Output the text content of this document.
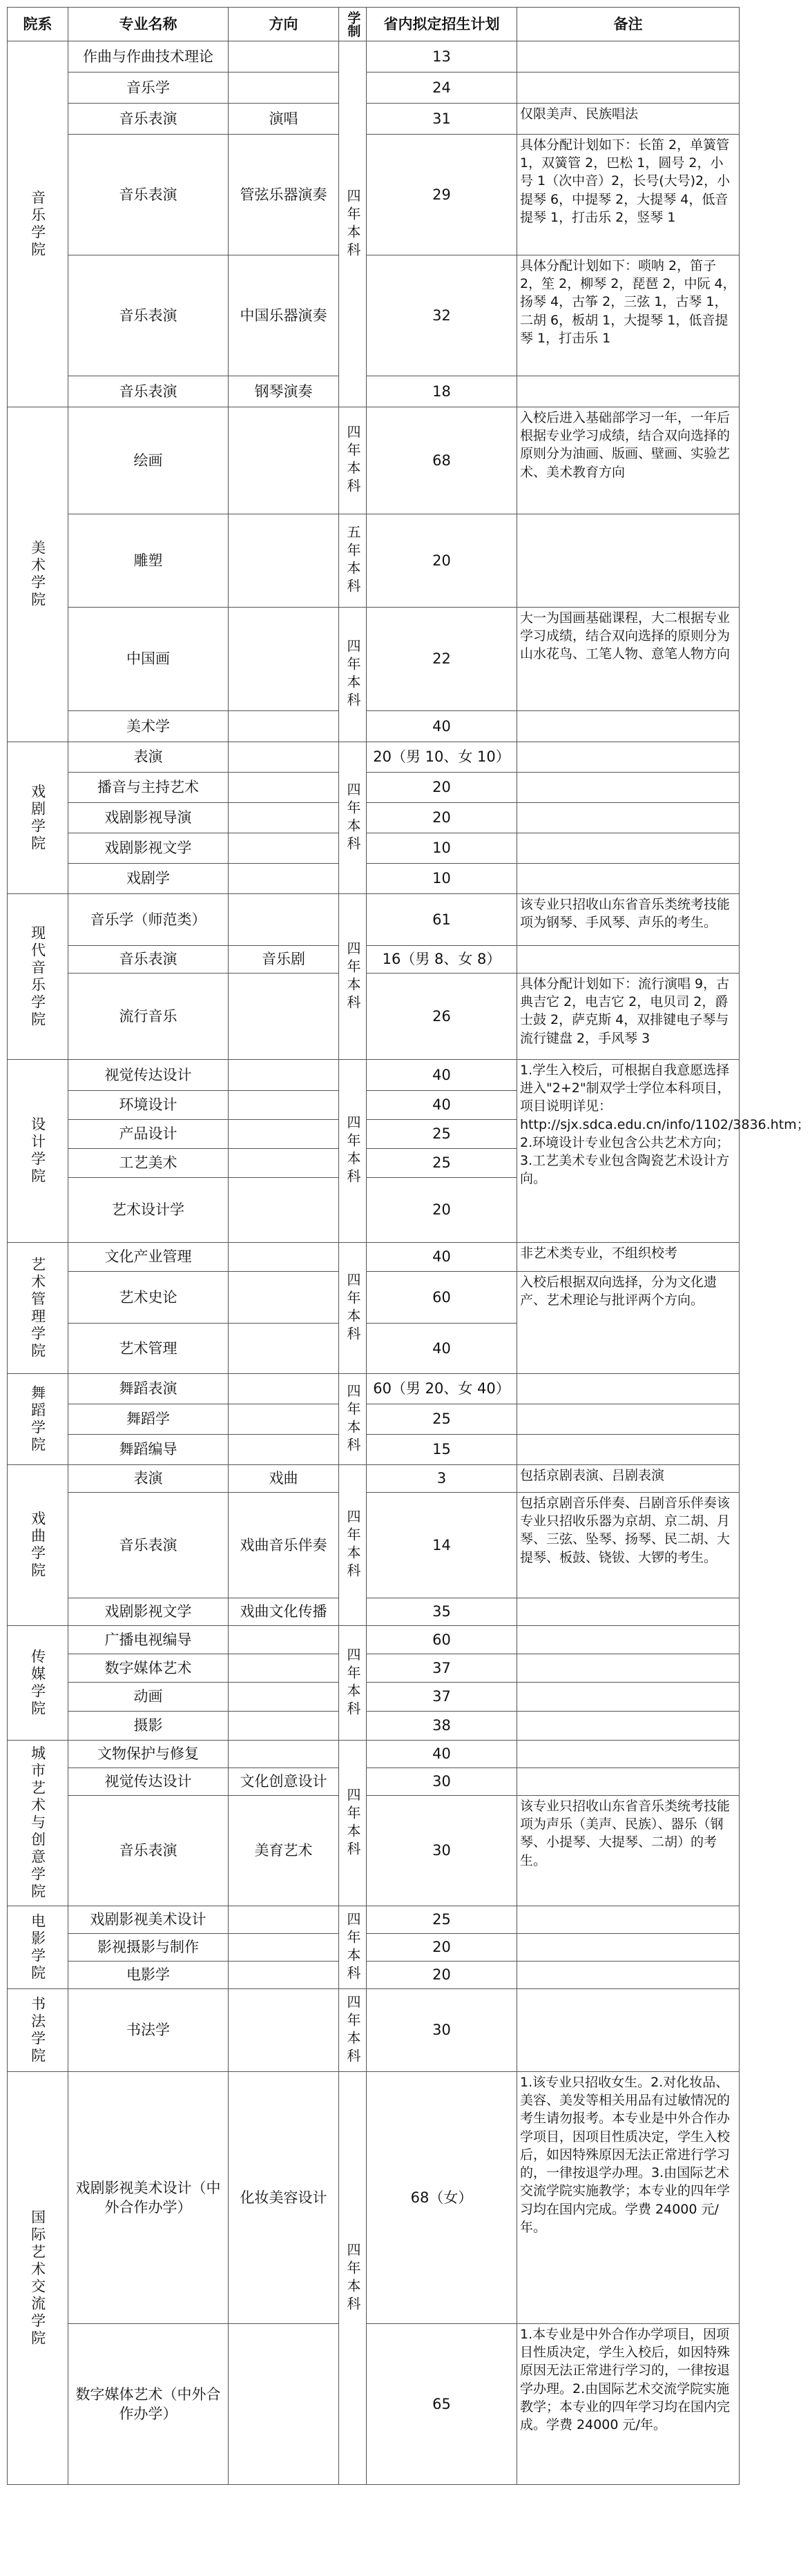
院系	专业名称	方向	学制	省内拟定招生计划	备注
音乐学院	作曲与作曲技术理论		四年本科	13	
	音乐学			24	
	音乐表演	演唱		31	仅限美声、民族唱法
	音乐表演	管弦乐器演奏		29	具体分配计划如下：长笛 2，单簧管 1，双簧管 2，巴松 1，圆号 2，小号 1（次中音）2，长号(大号)2，小提琴 6，中提琴 2，大提琴 4，低音提琴 1，打击乐 2，竖琴 1
	音乐表演	中国乐器演奏		32	具体分配计划如下：唢呐 2，笛子 2，笙 2，柳琴 2，琵琶 2，中阮 4，扬琴 4，古筝 2，三弦 1，古琴 1，二胡 6，板胡 1，大提琴 1，低音提琴 1，打击乐 1
	音乐表演	钢琴演奏		18	
美术学院	绘画		四年本科	68	入校后进入基础部学习一年，一年后根据专业学习成绩，结合双向选择的原则分为油画、版画、壁画、实验艺术、美术教育方向
	雕塑		五年本科	20	
	中国画		四年本科	22	大一为国画基础课程，大二根据专业学习成绩，结合双向选择的原则分为山水花鸟、工笔人物、意笔人物方向
	美术学			40	
戏剧学院	表演		四年本科	20（男 10、女 10）	
	播音与主持艺术			20	
	戏剧影视导演			20	
	戏剧影视文学			10	
	戏剧学			10	
现代音乐学院	音乐学（师范类）		四年本科	61	该专业只招收山东省音乐类统考技能项为钢琴、手风琴、声乐的考生。
	音乐表演	音乐剧		16（男 8、女 8）	
	流行音乐			26	具体分配计划如下：流行演唱 9，古典吉它 2，电吉它 2，电贝司 2，爵士鼓 2，萨克斯 4，双排键电子琴与流行键盘 2，手风琴 3
设计学院	视觉传达设计		四年本科	40	1.学生入校后，可根据自我意愿选择进入"2+2"制双学士学位本科项目，项目说明详见：http://sjx.sdca.edu.cn/info/1102/3836.htm；2.环境设计专业包含公共艺术方向；3.工艺美术专业包含陶瓷艺术设计方向。
	环境设计			40	
	产品设计			25	
	工艺美术			25	
	艺术设计学			20	
艺术管理学院	文化产业管理		四年本科	40	非艺术类专业，不组织校考
	艺术史论			60	入校后根据双向选择，分为文化遗产、艺术理论与批评两个方向。
	艺术管理			40	
舞蹈学院	舞蹈表演		四年本科	60（男 20、女 40）	
	舞蹈学			25	
	舞蹈编导			15	
戏曲学院	表演	戏曲	四年本科	3	包括京剧表演、吕剧表演
	音乐表演	戏曲音乐伴奏		14	包括京剧音乐伴奏、吕剧音乐伴奏该专业只招收乐器为京胡、京二胡、月琴、三弦、坠琴、扬琴、民二胡、大提琴、板鼓、铙钹、大锣的考生。
	戏剧影视文学	戏曲文化传播		35	
传媒学院	广播电视编导		四年本科	60	
	数字媒体艺术			37	
	动画			37	
	摄影			38	
城市艺术与创意学院	文物保护与修复		四年本科	40	
	视觉传达设计	文化创意设计		30	
	音乐表演	美育艺术		30	该专业只招收山东省音乐类统考技能项为声乐（美声、民族）、器乐（钢琴、小提琴、大提琴、二胡）的考生。
电影学院	戏剧影视美术设计		四年本科	25	
	影视摄影与制作			20	
	电影学			20	
书法学院	书法学		四年本科	30	
国际艺术交流学院	戏剧影视美术设计（中外合作办学）	化妆美容设计	四年本科	68（女）	1.该专业只招收女生。2.对化妆品、美容、美发等相关用品有过敏情况的考生请勿报考。本专业是中外合作办学项目，因项目性质决定，学生入校后，如因特殊原因无法正常进行学习的，一律按退学办理。3.由国际艺术交流学院实施教学；本专业的四年学习均在国内完成。学费 24000 元/年。
	数字媒体艺术（中外合作办学）			65	1.本专业是中外合作办学项目，因项目性质决定，学生入校后，如因特殊原因无法正常进行学习的，一律按退学办理。2.由国际艺术交流学院实施教学；本专业的四年学习均在国内完成。学费 24000 元/年。
